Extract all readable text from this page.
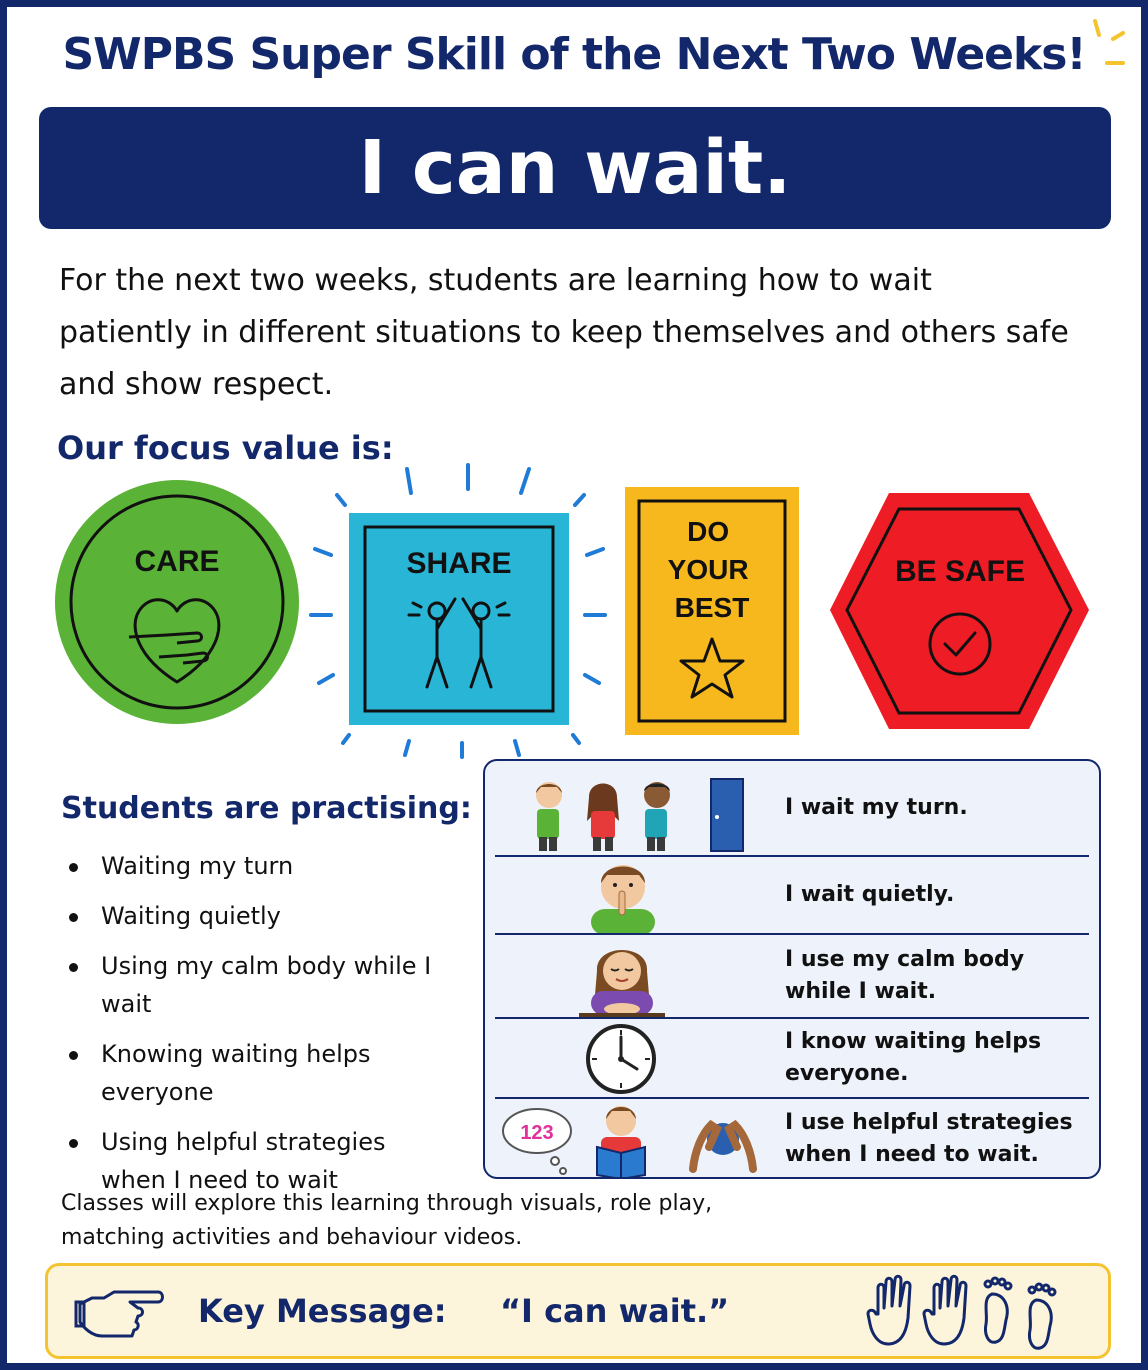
SWPBS Super Skill of the Next Two Weeks!
I can wait.
For the next two weeks, students are learning how to wait patiently in different situations to keep themselves and others safe and show respect.
Our focus value is:
CARE	SHARE
DO YOUR BEST
BE SAFE
Students are practising:
Waiting my turn
Waiting quietly
Using my calm body while I wait
Knowing waiting helps everyone
Using helpful strategies when I need to wait
I wait my turn.
I wait quietly.
I use my calm body while I wait.
I know waiting helps everyone.
123	I use helpful strategies when I need to wait.
Classes will explore this learning through visuals, role play, matching activities and behaviour videos.
Key Message: “I can wait.”
